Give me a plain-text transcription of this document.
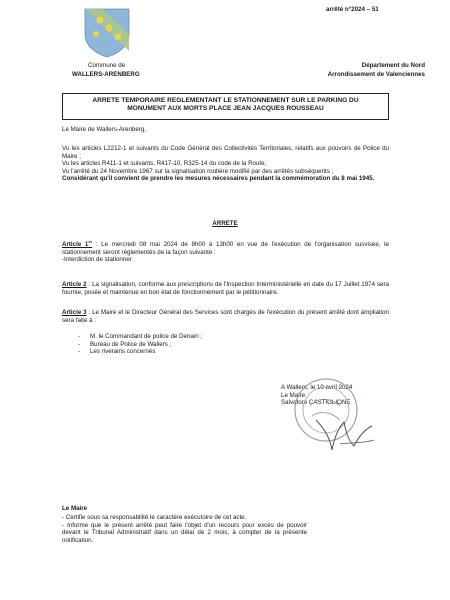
arrêté n°2024 – 51
Commune de
WALLERS-ARENBERG
Département du Nord
Arrondissement de Valenciennes
ARRETE TEMPORAIRE REGLEMENTANT LE STATIONNEMENT SUR LE PARKING DU
MONUMENT AUX MORTS PLACE JEAN JACQUES ROUSSEAU
Le Maire de Wallers-Arenberg,
Vu les articles L2212-1 et suivants du Code Général des Collectivités Territoriales, relatifs aux pouvoirs de Police du Maire ;
Vu les articles R411-1 et suivants, R417-10, R325-14 du code de la Route,
Vu l'arrêté du 24 Novembre 1967 sur la signalisation routière modifié par des arrêtés subséquents ;
Considérant qu'il convient de prendre les mesures nécessaires pendant la commémoration du 8 mai 1945.
ARRETE
Article 1er : Le mercredi 08 mai 2024 de 8h00 à 13h00 en vue de l'exécution de l'organisation susvisée, le stationnement seront réglementés de la façon suivante :
-Interdiction de stationner
Article 2 : La signalisation, conforme aux prescriptions de l'Inspection Interministérielle en date du 17 Juillet 1974 sera fournie, posée et maintenue en bon état de fonctionnement par le pétitionnaire.
Article 3 : Le Maire et le Directeur Général des Services sont chargés de l'exécution du présent arrêté dont ampliation sera faite à :
- M. le Commandant de police de Denain ;
- Bureau de Police de Wallers ;
- Les riverains concernés
A Wallers, le 10 avril 2024
Le Maire
Salvatore CASTIGLIONE
Le Maire
- Certifie sous sa responsabilité le caractère exécutoire de cet acte.
- Informe que le présent arrêté peut faire l'objet d'un recours pour excès de pouvoir devant le Tribunal Administratif dans un délai de 2 mois, à compter de la présente notification.
